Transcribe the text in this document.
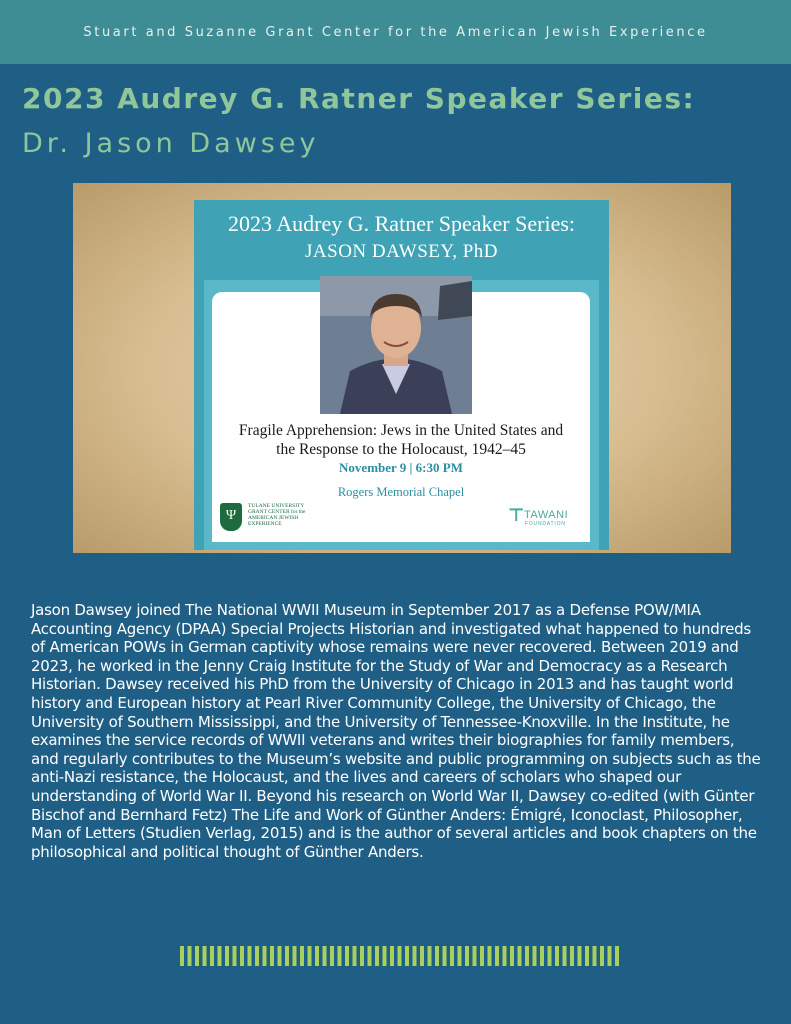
Stuart and Suzanne Grant Center for the American Jewish Experience
2023 Audrey G. Ratner Speaker Series:
Dr. Jason Dawsey
2023 Audrey G. Ratner Speaker Series:
JASON DAWSEY, PhD
Fragile Apprehension: Jews in the United States and
the Response to the Holocaust, 1942–45
November 9 | 6:30 PM
Rogers Memorial Chapel
Ψ
TULANE UNIVERSITY
GRANT CENTER for the
AMERICAN JEWISH
EXPERIENCE	⊤ TAWANI
FOUNDATION
Jason Dawsey joined The National WWII Museum in September 2017 as a Defense POW/MIA Accounting Agency (DPAA) Special Projects Historian and investigated what happened to hundreds of American POWs in German captivity whose remains were never recovered. Between 2019 and 2023, he worked in the Jenny Craig Institute for the Study of War and Democracy as a Research Historian. Dawsey received his PhD from the University of Chicago in 2013 and has taught world history and European history at Pearl River Community College, the University of Chicago, the University of Southern Mississippi, and the University of Tennessee-Knoxville. In the Institute, he examines the service records of WWII veterans and writes their biographies for family members, and regularly contributes to the Museum’s website and public programming on subjects such as the anti-Nazi resistance, the Holocaust, and the lives and careers of scholars who shaped our understanding of World War II. Beyond his research on World War II, Dawsey co-edited (with Günter Bischof and Bernhard Fetz) The Life and Work of Günther Anders: Émigré, Iconoclast, Philosopher, Man of Letters (Studien Verlag, 2015) and is the author of several articles and book chapters on the philosophical and political thought of Günther Anders.
